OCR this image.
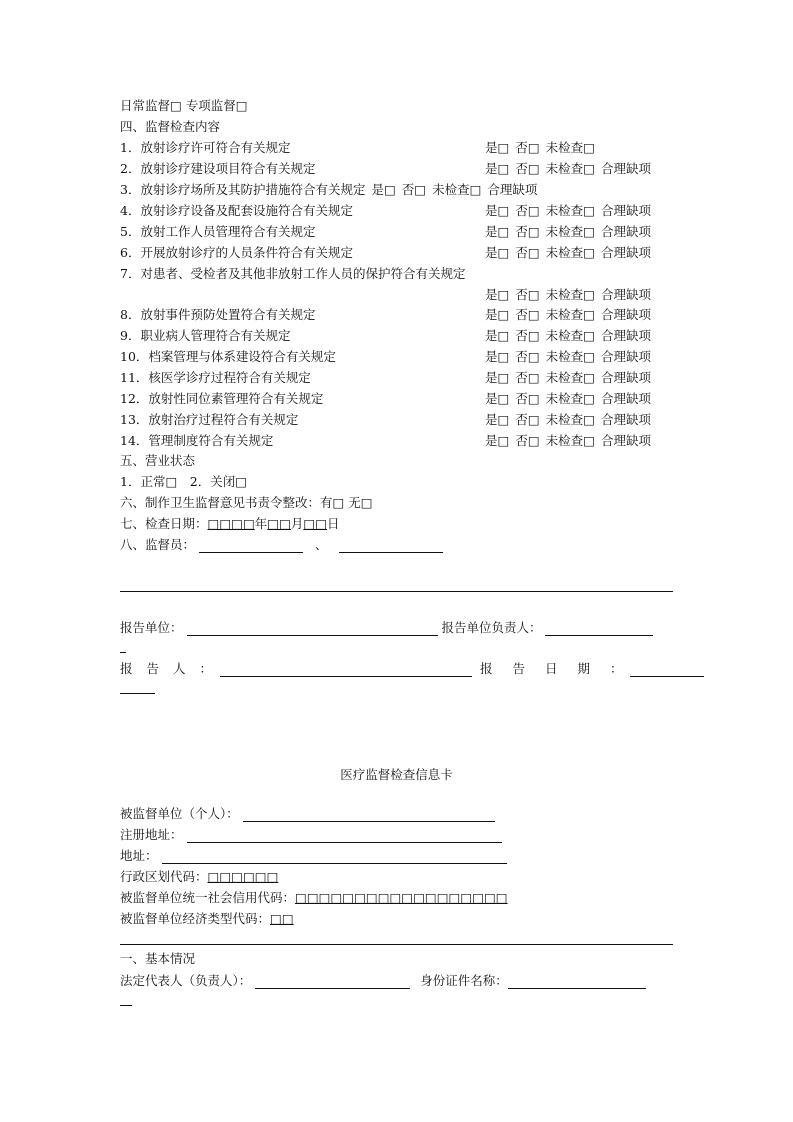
日常监督□ 专项监督□
四、监督检查内容
1．放射诊疗许可符合有关规定	是□ 否□ 未检查□
2．放射诊疗建设项目符合有关规定	是□ 否□ 未检查□ 合理缺项
3．放射诊疗场所及其防护措施符合有关规定 是□ 否□ 未检查□ 合理缺项
4．放射诊疗设备及配套设施符合有关规定	是□ 否□ 未检查□ 合理缺项
5．放射工作人员管理符合有关规定	是□ 否□ 未检查□ 合理缺项
6．开展放射诊疗的人员条件符合有关规定	是□ 否□ 未检查□ 合理缺项
7．对患者、受检者及其他非放射工作人员的保护符合有关规定
是□ 否□ 未检查□ 合理缺项
8．放射事件预防处置符合有关规定	是□ 否□ 未检查□ 合理缺项
9．职业病人管理符合有关规定	是□ 否□ 未检查□ 合理缺项
10．档案管理与体系建设符合有关规定	是□ 否□ 未检查□ 合理缺项
11．核医学诊疗过程符合有关规定	是□ 否□ 未检查□ 合理缺项
12．放射性同位素管理符合有关规定	是□ 否□ 未检查□ 合理缺项
13．放射治疗过程符合有关规定	是□ 否□ 未检查□ 合理缺项
14．管理制度符合有关规定	是□ 否□ 未检查□ 合理缺项
五、营业状态
1．正常□　2．关闭□
六、制作卫生监督意见书责令整改：有□ 无□
七、检查日期：□□□□年□□月□□日
八、监督员：	、
报告单位：	报告单位负责人：
报告人：	报告日期：
医疗监督检查信息卡
被监督单位（个人）：
注册地址：
地址：
行政区划代码：□□□□□□
被监督单位统一社会信用代码：□□□□□□□□□□□□□□□□□□
被监督单位经济类型代码：□□
一、基本情况
法定代表人（负责人）：	身份证件名称：
